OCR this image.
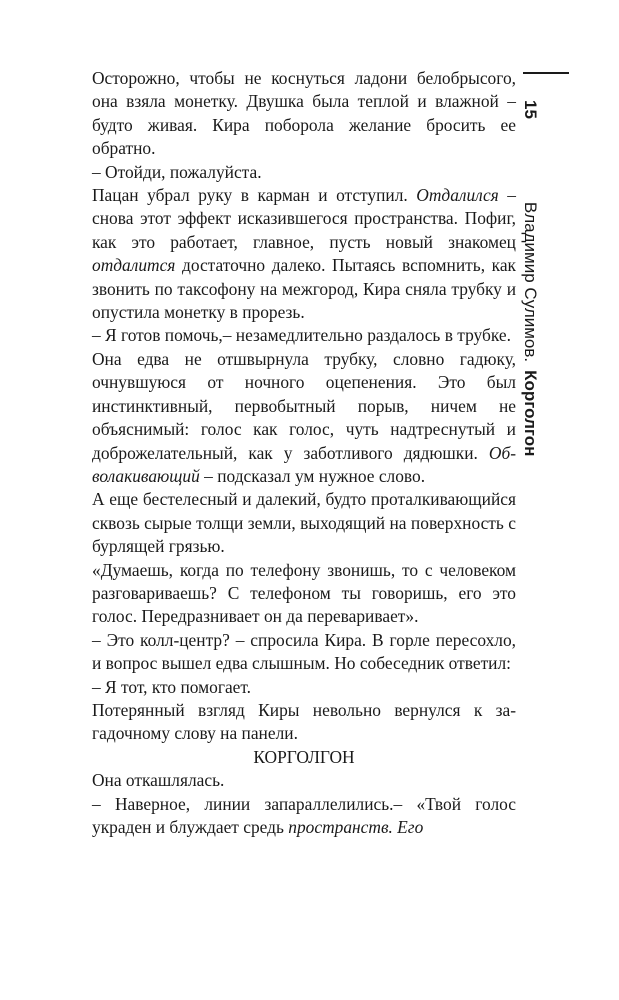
15Владимир Сулимов.Корголгон

Осторожно, чтобы не коснуться ладони белобрысого, она взяла монетку. Двушка была теплой и влажной – будто живая. Кира поборола желание бросить ее обратно.

– Отойди, пожалуйста.

Пацан убрал руку в карман и отступил. Отдалился – снова этот эффект исказившегося пространства. Пофиг, как это работает, главное, пусть новый знакомец отдалится достаточно далеко. Пытаясь вспомнить, как звонить по таксофону на межгород, Кира сняла трубку и опустила монетку в прорезь.

– Я готов помочь,– незамедлительно раздалось в трубке.

Она едва не отшвырнула трубку, словно гадюку, очнувшуюся от ночного оцепенения. Это был инстинктивный, первобытный порыв, ничем не объяснимый: голос как голос, чуть надтреснутый и доброжелательный, как у заботливого дядюшки. Обволакивающий – подсказал ум нужное слово.

А еще бестелесный и далекий, будто проталкивающийся сквозь сырые толщи земли, выходящий на поверхность с бурлящей грязью.

«Думаешь, когда по телефону звонишь, то с человеком разговариваешь? С телефоном ты говоришь, его это голос. Передразнивает он да переваривает».

– Это колл-центр? – спросила Кира. В горле пересохло, и вопрос вышел едва слышным. Но собеседник ответил:

– Я тот, кто помогает.

Потерянный взгляд Киры невольно вернулся к загадочному слову на панели.

КОРГОЛГОН

Она откашлялась.

– Наверное, линии запараллелились.– «Твой голос украден и блуждает средь пространств. Его
